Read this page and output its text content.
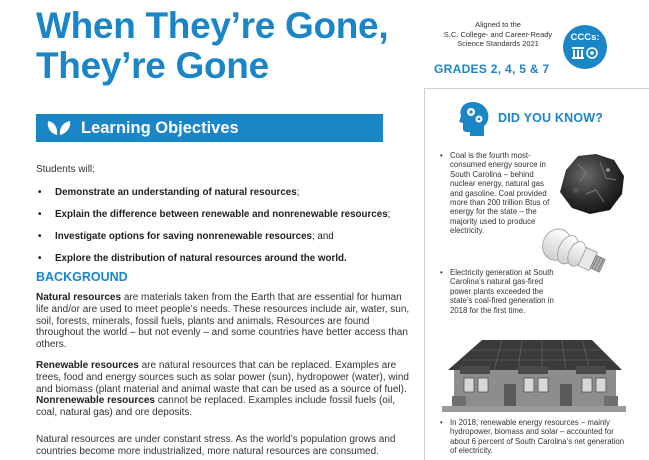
When They’re Gone,
They’re Gone
Aligned to the
S.C. College- and Career-Ready
Science Standards 2021
GRADES 2, 4, 5 & 7
CCCs:
Learning Objectives
Students will:
• Demonstrate an understanding of natural resources;
• Explain the difference between renewable and nonrenewable resources;
• Investigate options for saving nonrenewable resources; and
• Explore the distribution of natural resources around the world.
BACKGROUND
Natural resources are materials taken from the Earth that are essential for human life and/or are used to meet people’s needs. These resources include air, water, sun, soil, forests, minerals, fossil fuels, plants and animals. Resources are found throughout the world – but not evenly – and some countries have better access than others.
Renewable resources are natural resources that can be replaced. Examples are trees, food and energy sources such as solar power (sun), hydropower (water), wind and biomass (plant material and animal waste that can be used as a source of fuel). Nonrenewable resources cannot be replaced. Examples include fossil fuels (oil, coal, natural gas) and ore deposits.
Natural resources are under constant stress. As the world’s population grows and countries become more industrialized, more natural resources are consumed.
DID YOU KNOW?
• Coal is the fourth most-consumed energy source in South Carolina – behind nuclear energy, natural gas and gasoline. Coal provided more than 200 trillion Btus of energy for the state – the majority used to produce electricity.
• Electricity generation at South Carolina’s natural gas-fired power plants exceeded the state’s coal-fired generation in 2018 for the first time.
• In 2018, renewable energy resources – mainly hydropower, biomass and solar – accounted for about 6 percent of South Carolina’s net generation of electricity.
